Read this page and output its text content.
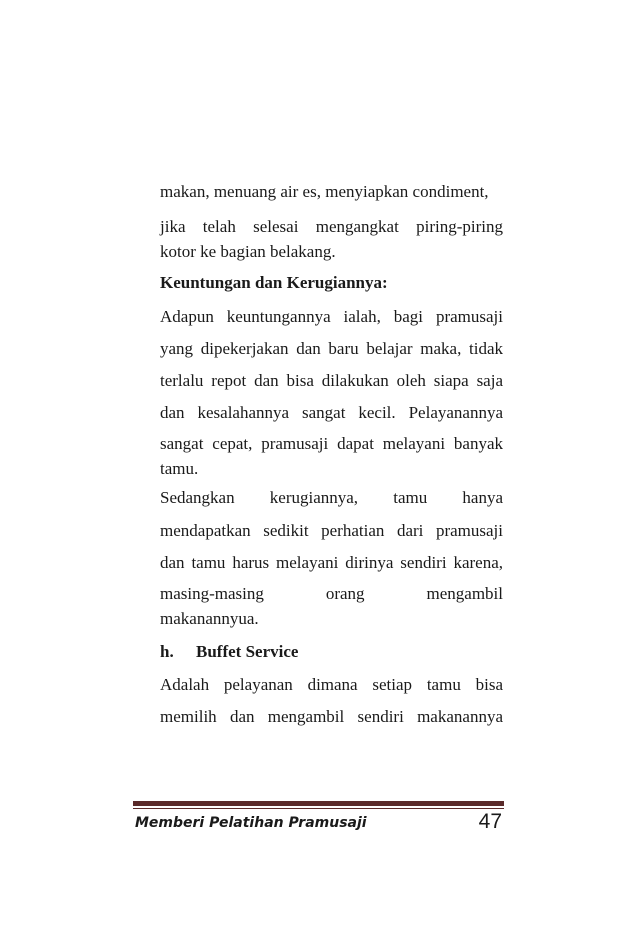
makan, menuang air es, menyiapkan condiment,
jika telah selesai mengangkat piring-piring
kotor ke bagian belakang.
Keuntungan dan Kerugiannya:
Adapun keuntungannya ialah, bagi pramusaji
yang dipekerjakan dan baru belajar maka, tidak
terlalu repot dan bisa dilakukan oleh siapa saja
dan kesalahannya sangat kecil. Pelayanannya
sangat cepat, pramusaji dapat melayani banyak
tamu.
Sedangkan kerugiannya, tamu hanya
mendapatkan sedikit perhatian dari pramusaji
dan tamu harus melayani dirinya sendiri karena,
masing-masing orang mengambil
makanannyua.
h. Buffet Service
Adalah pelayanan dimana setiap tamu bisa
memilih dan mengambil sendiri makanannya
Memberi Pelatihan Pramusaji	47
